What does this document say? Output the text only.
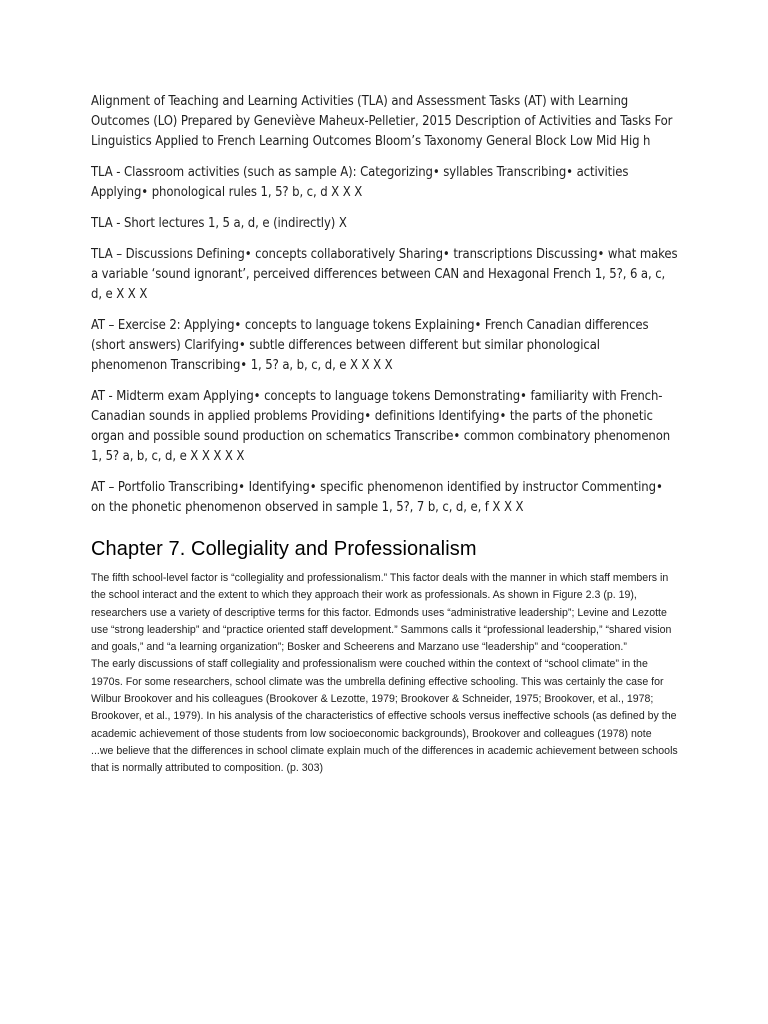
Alignment of Teaching and Learning Activities (TLA) and Assessment Tasks (AT) with Learning Outcomes (LO) Prepared by Geneviève Maheux-Pelletier, 2015 Description of Activities and Tasks For Linguistics Applied to French Learning Outcomes Bloom’s Taxonomy General Block Low Mid Hig h

TLA - Classroom activities (such as sample A): Categorizing• syllables Transcribing• activities Applying• phonological rules 1, 5? b, c, d X X X

TLA - Short lectures 1, 5 a, d, e (indirectly) X

TLA – Discussions Defining• concepts collaboratively Sharing• transcriptions Discussing• what makes a variable ‘sound ignorant’, perceived differences between CAN and Hexagonal French 1, 5?, 6 a, c, d, e X X X

AT – Exercise 2: Applying• concepts to language tokens Explaining• French Canadian differences (short answers) Clarifying• subtle differences between different but similar phonological phenomenon Transcribing• 1, 5? a, b, c, d, e X X X X

AT - Midterm exam Applying• concepts to language tokens Demonstrating• familiarity with French-Canadian sounds in applied problems Providing• definitions Identifying• the parts of the phonetic organ and possible sound production on schematics Transcribe• common combinatory phenomenon 1, 5? a, b, c, d, e X X X X X

AT – Portfolio Transcribing• Identifying• specific phenomenon identified by instructor Commenting• on the phonetic phenomenon observed in sample 1, 5?, 7 b, c, d, e, f X X X

Chapter 7. Collegiality and Professionalism

The fifth school-level factor is “collegiality and professionalism.” This factor deals with the manner in which staff members in the school interact and the extent to which they approach their work as professionals. As shown in Figure 2.3 (p. 19), researchers use a variety of descriptive terms for this factor. Edmonds uses “administrative leadership”; Levine and Lezotte use “strong leadership” and “practice oriented staff development.” Sammons calls it “professional leadership,” “shared vision and goals,” and “a learning organization”; Bosker and Scheerens and Marzano use “leadership” and “cooperation.”

The early discussions of staff collegiality and professionalism were couched within the context of “school climate” in the 1970s. For some researchers, school climate was the umbrella defining effective schooling. This was certainly the case for Wilbur Brookover and his colleagues (Brookover & Lezotte, 1979; Brookover & Schneider, 1975; Brookover, et al., 1978; Brookover, et al., 1979). In his analysis of the characteristics of effective schools versus ineffective schools (as defined by the academic achievement of those students from low socioeconomic backgrounds), Brookover and colleagues (1978) note

...we believe that the differences in school climate explain much of the differences in academic achievement between schools that is normally attributed to composition. (p. 303)
